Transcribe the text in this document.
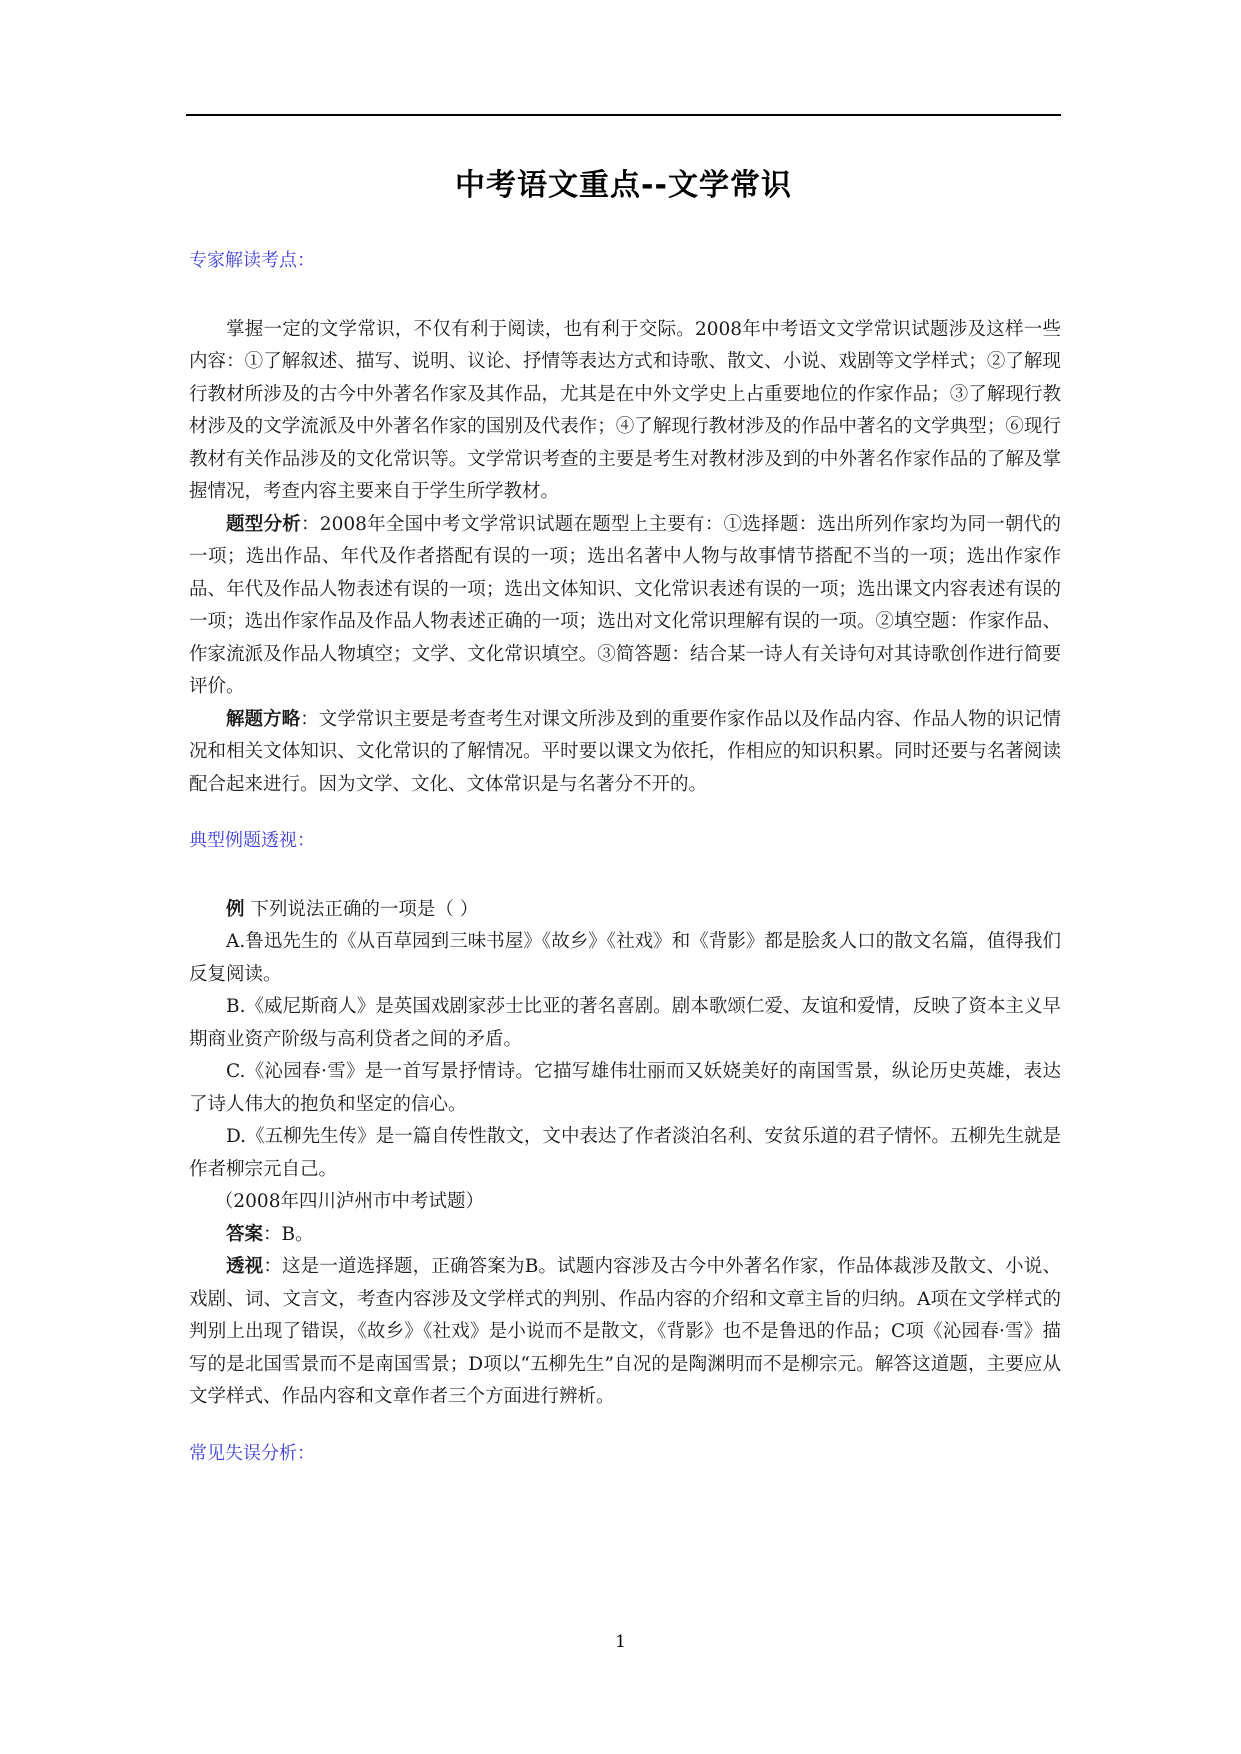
中考语文重点--文学常识

专家解读考点：

掌握一定的文学常识，不仅有利于阅读，也有利于交际。2008年中考语文文学常识试题涉及这样一些内容：①了解叙述、描写、说明、议论、抒情等表达方式和诗歌、散文、小说、戏剧等文学样式；②了解现行教材所涉及的古今中外著名作家及其作品，尤其是在中外文学史上占重要地位的作家作品；③了解现行教材涉及的文学流派及中外著名作家的国别及代表作；④了解现行教材涉及的作品中著名的文学典型；⑥现行教材有关作品涉及的文化常识等。文学常识考查的主要是考生对教材涉及到的中外著名作家作品的了解及掌握情况，考查内容主要来自于学生所学教材。

题型分析：2008年全国中考文学常识试题在题型上主要有：①选择题：选出所列作家均为同一朝代的一项；选出作品、年代及作者搭配有误的一项；选出名著中人物与故事情节搭配不当的一项；选出作家作品、年代及作品人物表述有误的一项；选出文体知识、文化常识表述有误的一项；选出课文内容表述有误的一项；选出作家作品及作品人物表述正确的一项；选出对文化常识理解有误的一项。②填空题：作家作品、作家流派及作品人物填空；文学、文化常识填空。③简答题：结合某一诗人有关诗句对其诗歌创作进行简要评价。

解题方略：文学常识主要是考查考生对课文所涉及到的重要作家作品以及作品内容、作品人物的识记情况和相关文体知识、文化常识的了解情况。平时要以课文为依托，作相应的知识积累。同时还要与名著阅读配合起来进行。因为文学、文化、文体常识是与名著分不开的。

典型例题透视：

例 下列说法正确的一项是（ ）

A.鲁迅先生的《从百草园到三味书屋》《故乡》《社戏》和《背影》都是脍炙人口的散文名篇，值得我们反复阅读。

B.《威尼斯商人》是英国戏剧家莎士比亚的著名喜剧。剧本歌颂仁爱、友谊和爱情，反映了资本主义早期商业资产阶级与高利贷者之间的矛盾。

C.《沁园春·雪》是一首写景抒情诗。它描写雄伟壮丽而又妖娆美好的南国雪景，纵论历史英雄，表达了诗人伟大的抱负和坚定的信心。

D.《五柳先生传》是一篇自传性散文，文中表达了作者淡泊名利、安贫乐道的君子情怀。五柳先生就是作者柳宗元自己。

（2008年四川泸州市中考试题）

答案：B。

透视：这是一道选择题，正确答案为B。试题内容涉及古今中外著名作家，作品体裁涉及散文、小说、戏剧、词、文言文，考查内容涉及文学样式的判别、作品内容的介绍和文章主旨的归纳。A项在文学样式的判别上出现了错误，《故乡》《社戏》是小说而不是散文，《背影》也不是鲁迅的作品；C项《沁园春·雪》描写的是北国雪景而不是南国雪景；D项以“五柳先生”自况的是陶渊明而不是柳宗元。解答这道题，主要应从文学样式、作品内容和文章作者三个方面进行辨析。

常见失误分析：

1
